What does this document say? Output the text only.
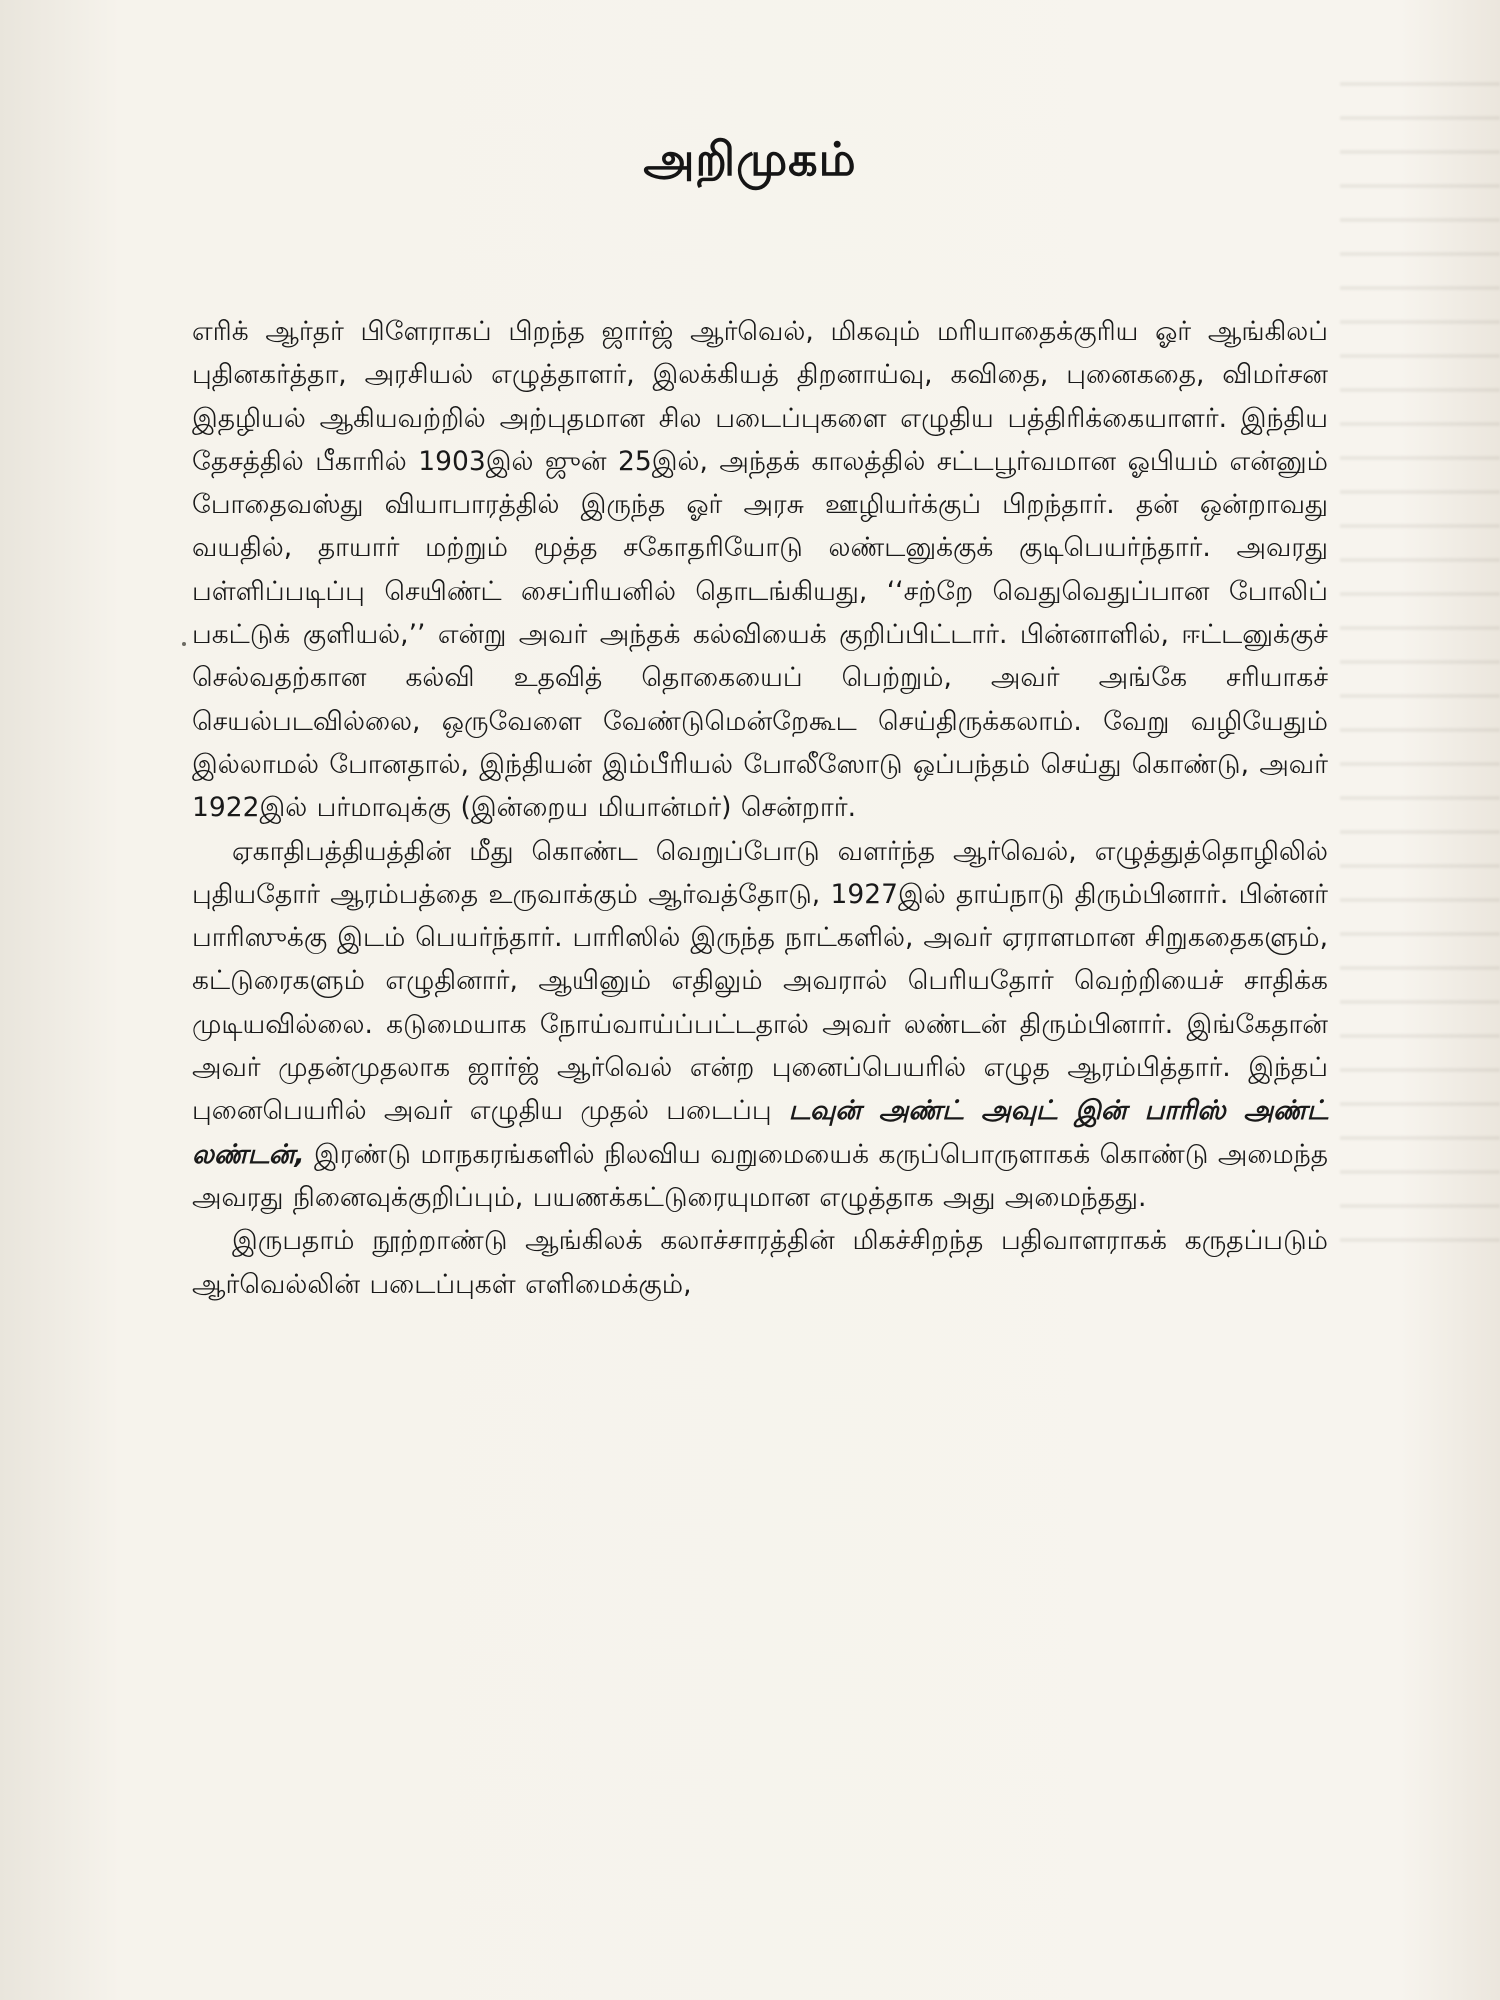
அறிமுகம்

எரிக் ஆர்தர் பிளேராகப் பிறந்த ஜார்ஜ் ஆர்வெல், மிகவும் மரியாதைக்குரிய ஓர் ஆங்கிலப் புதினகர்த்தா, அரசியல் எழுத்தாளர், இலக்கியத் திறனாய்வு, கவிதை, புனைகதை, விமர்சன இதழியல் ஆகியவற்றில் அற்புதமான சில படைப்புகளை எழுதிய பத்திரிக்கையாளர். இந்திய தேசத்தில் பீகாரில் 1903இல் ஜுன் 25இல், அந்தக் காலத்தில் சட்டபூர்வமான ஓபியம் என்னும் போதைவஸ்து வியாபாரத்தில் இருந்த ஓர் அரசு ஊழியர்க்குப் பிறந்தார். தன் ஒன்றாவது வயதில், தாயார் மற்றும் மூத்த சகோதரியோடு லண்டனுக்குக் குடிபெயர்ந்தார். அவரது பள்ளிப்படிப்பு செயிண்ட் சைப்ரியனில் தொடங்கியது, ‘‘சற்றே வெதுவெதுப்பான போலிப் பகட்டுக் குளியல்,’’ என்று அவர் அந்தக் கல்வியைக் குறிப்பிட்டார். பின்னாளில், ஈட்டனுக்குச் செல்வதற்கான கல்வி உதவித் தொகையைப் பெற்றும், அவர் அங்கே சரியாகச் செயல்படவில்லை, ஒருவேளை வேண்டுமென்றேகூட செய்திருக்கலாம். வேறு வழியேதும் இல்லாமல் போனதால், இந்தியன் இம்பீரியல் போலீஸோடு ஒப்பந்தம் செய்து கொண்டு, அவர் 1922இல் பர்மாவுக்கு (இன்றைய மியான்மர்) சென்றார்.

ஏகாதிபத்தியத்தின் மீது கொண்ட வெறுப்போடு வளர்ந்த ஆர்வெல், எழுத்துத்தொழிலில் புதியதோர் ஆரம்பத்தை உருவாக்கும் ஆர்வத்தோடு, 1927இல் தாய்நாடு திரும்பினார். பின்னர் பாரிஸுக்கு இடம் பெயர்ந்தார். பாரிஸில் இருந்த நாட்களில், அவர் ஏராளமான சிறுகதைகளும், கட்டுரைகளும் எழுதினார், ஆயினும் எதிலும் அவரால் பெரியதோர் வெற்றியைச் சாதிக்க முடியவில்லை. கடுமையாக நோய்வாய்ப்பட்டதால் அவர் லண்டன் திரும்பினார். இங்கேதான் அவர் முதன்முதலாக ஜார்ஜ் ஆர்வெல் என்ற புனைப்பெயரில் எழுத ஆரம்பித்தார். இந்தப் புனைபெயரில் அவர் எழுதிய முதல் படைப்பு டவுன் அண்ட் அவுட் இன் பாரிஸ் அண்ட் லண்டன், இரண்டு மாநகரங்களில் நிலவிய வறுமையைக் கருப்பொருளாகக் கொண்டு அமைந்த அவரது நினைவுக்குறிப்பும், பயணக்கட்டுரையுமான எழுத்தாக அது அமைந்தது.

இருபதாம் நூற்றாண்டு ஆங்கிலக் கலாச்சாரத்தின் மிகச்சிறந்த பதிவாளராகக் கருதப்படும் ஆர்வெல்லின் படைப்புகள் எளிமைக்கும்,
